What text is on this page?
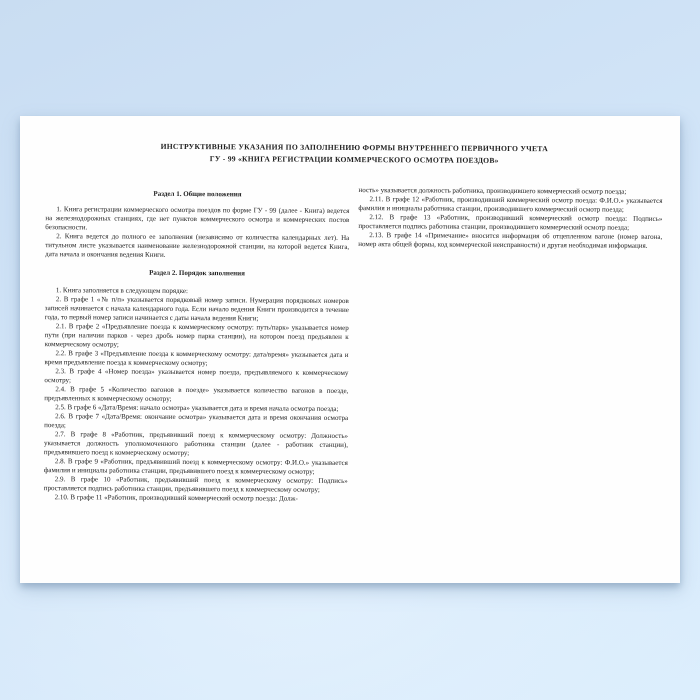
ИНСТРУКТИВНЫЕ УКАЗАНИЯ ПО ЗАПОЛНЕНИЮ ФОРМЫ ВНУТРЕННЕГО ПЕРВИЧНОГО УЧЕТА
ГУ - 99 «КНИГА РЕГИСТРАЦИИ КОММЕРЧЕСКОГО ОСМОТРА ПОЕЗДОВ»
Раздел 1. Общие положения

1. Книга регистрации коммерческого осмотра поездов по форме ГУ - 99 (далее - Книга) ведется на железнодорожных станциях, где нет пунктов коммерческого осмотра и коммерческих постов безопасности.

2. Книга ведется до полного ее заполнения (независимо от количества календарных лет). На титульном листе указывается наименование железнодорожной станции, на которой ведется Книга, дата начала и окончания ведения Книги.

Раздел 2. Порядок заполнения

1. Книга заполняется в следующем порядке:

2. В графе 1 «№ п/п» указывается порядковый номер записи. Нумерация порядковых номеров записей начинается с начала календарного года. Если начало ведения Книги производится в течение года, то первый номер записи начинается с даты начала ведения Книги;

2.1. В графе 2 «Предъявление поезда к коммерческому осмотру: путь/парк» указывается номер пути (при наличии парков - через дробь номер парка станции), на котором поезд предъявлен к коммерческому осмотру;

2.2. В графе 3 «Предъявление поезда к коммерческому осмотру: дата/время» указывается дата и время предъявление поезда к коммерческому осмотру;

2.3. В графе 4 «Номер поезда» указывается номер поезда, предъявляемого к коммерческому осмотру;

2.4. В графе 5 «Количество вагонов в поезде» указывается количество вагонов в поезде, предъявленных к коммерческому осмотру;

2.5. В графе 6 «Дата/Время: начало осмотра» указывается дата и время начала осмотра поезда;

2.6. В графе 7 «Дата/Время: окончание осмотра» указывается дата и время окончания осмотра поезда;

2.7. В графе 8 «Работник, предъявивший поезд к коммерческому осмотру: Должность» указывается должность уполномоченного работника станции (далее - работник станции), предъявившего поезд к коммерческому осмотру;

2.8. В графе 9 «Работник, предъявивший поезд к коммерческому осмотру: Ф.И.О.» указывается фамилия и инициалы работника станции, предъявившего поезд к коммерческому осмотру;

2.9. В графе 10 «Работник, предъявивший поезд к коммерческому осмотру: Подпись» проставляется подпись работника станции, предъявившего поезд к коммерческому осмотру;

2.10. В графе 11 «Работник, производивший коммерческий осмотр поезда: Долж-

ность» указывается должность работника, производившего коммерческий осмотр поезда;

2.11. В графе 12 «Работник, производивший коммерческий осмотр поезда: Ф.И.О.» указывается фамилия и инициалы работника станции, производившего коммерческий осмотр поезда;

2.12. В графе 13 «Работник, производивший коммерческий осмотр поезда: Подпись» проставляется подпись работника станции, производившего коммерческий осмотр поезда;

2.13. В графе 14 «Примечание» вносится информация об отцепленном вагоне (номер вагона, номер акта общей формы, код коммерческой неисправности) и другая необходимая информация.
